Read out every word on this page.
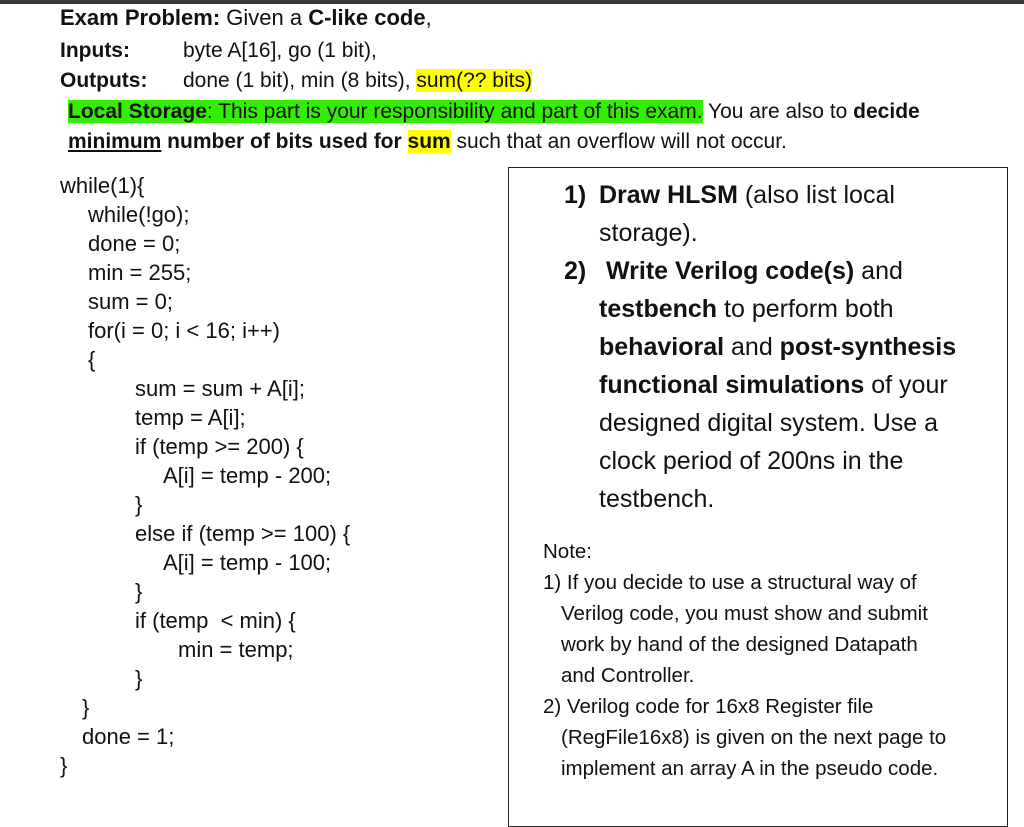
Exam Problem: Given a C-like code,
Inputs:	byte A[16], go (1 bit),
Outputs: done (1 bit), min (8 bits), sum(?? bits)
Local Storage: This part is your responsibility and part of this exam. You are also to decide
minimum number of bits used for sum such that an overflow will not occur.
while(1){
while(!go);
done = 0;
min = 255;
sum = 0;
for(i = 0; i < 16; i++)
{
sum = sum + A[i];
temp = A[i];
if (temp >= 200) {
A[i] = temp - 200;
}
else if (temp >= 100) {
A[i] = temp - 100;
}
if (temp  < min) {
min = temp;
}
}
done = 1;
}
1) Draw HLSM (also list local
storage).
2) Write Verilog code(s) and
testbench to perform both
behavioral and post-synthesis
functional simulations of your
designed digital system. Use a
clock period of 200ns in the
testbench.
Note:
1) If you decide to use a structural way of
Verilog code, you must show and submit
work by hand of the designed Datapath
and Controller.
2) Verilog code for 16x8 Register file
(RegFile16x8) is given on the next page to
implement an array A in the pseudo code.
